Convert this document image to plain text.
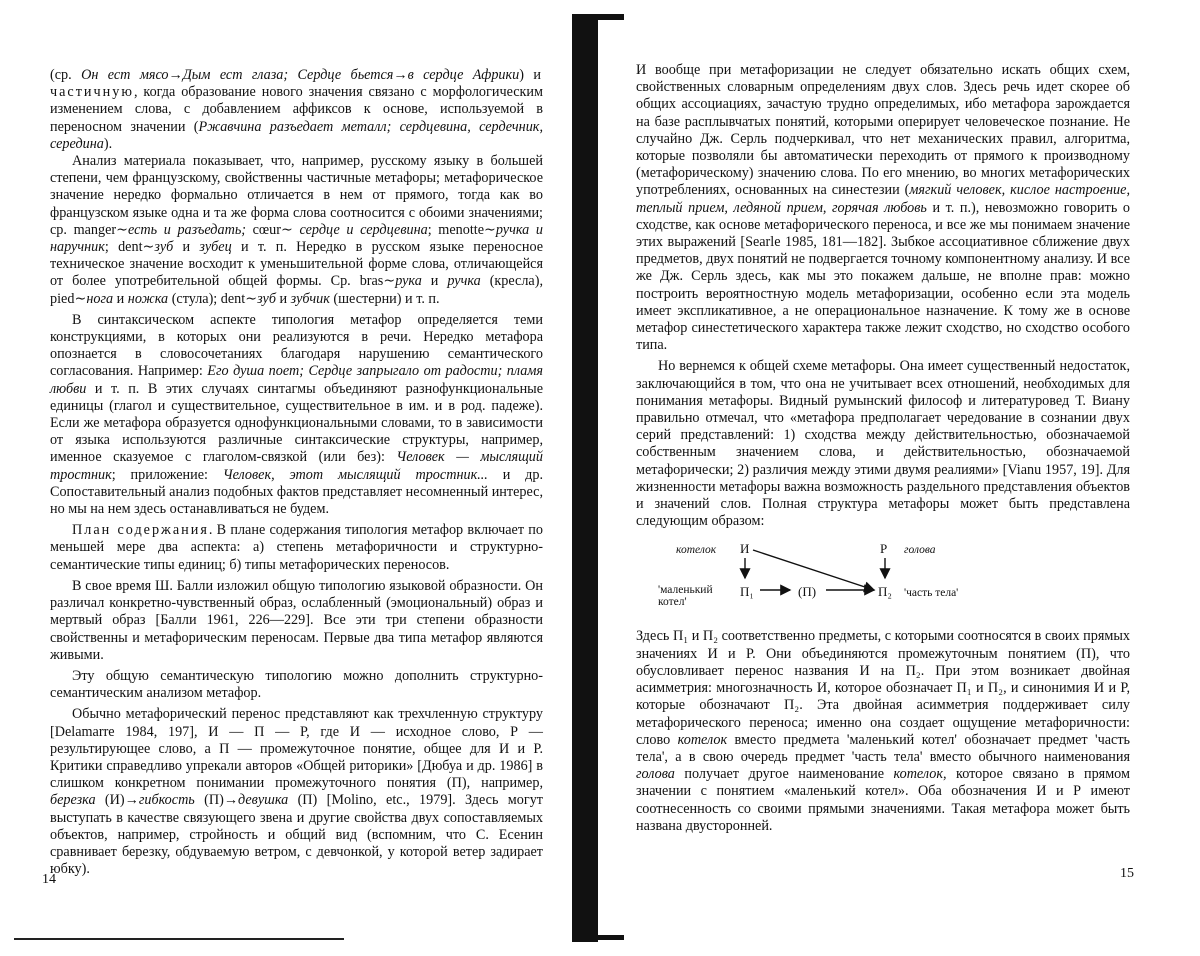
(ср. Он ест мясо→Дым ест глаза; Сердце бьется→в сердце Африки) и частичную, когда образование нового значения связано с морфологическим изменением слова, с добавлением аффиксов к основе, используемой в переносном значении (Ржавчина разъедает металл; сердцевина, сердечник, середина).

Анализ материала показывает, что, например, русскому языку в большей степени, чем французскому, свойственны частичные метафоры; метафорическое значение нередко формально отличается в нем от прямого, тогда как во французском языке одна и та же форма слова соотносится с обоими значениями; ср. manger∼есть и разъедать; cœur∼ сердце и сердцевина; menotte∼ручка и наручник; dent∼зуб и зубец и т. п. Нередко в русском языке переносное техническое значение восходит к уменьшительной форме слова, отличающейся от более употребительной общей формы. Ср. bras∼рука и ручка (кресла), pied∼нога и ножка (стула); dent∼зуб и зубчик (шестерни) и т. п.

В синтаксическом аспекте типология метафор определяется теми конструкциями, в которых они реализуются в речи. Нередко метафора опознается в словосочетаниях благодаря нарушению семантического согласования. Например: Его душа поет; Сердце запрыгало от радости; пламя любви и т. п. В этих случаях синтагмы объединяют разнофункциональные единицы (глагол и существительное, существительное в им. и в род. падеже). Если же метафора образуется однофункциональными словами, то в зависимости от языка используются различные синтаксические структуры, например, именное сказуемое с глаголом-связкой (или без): Человек — мыслящий тростник; приложение: Человек, этот мыслящий тростник... и др. Сопоставительный анализ подобных фактов представляет несомненный интерес, но мы на нем здесь останавливаться не будем.

План содержания. В плане содержания типология метафор включает по меньшей мере два аспекта: а) степень метафоричности и структурно-семантические типы единиц; б) типы метафорических переносов.

В свое время Ш. Балли изложил общую типологию языковой образности. Он различал конкретно-чувственный образ, ослабленный (эмоциональный) образ и мертвый образ [Балли 1961, 226—229]. Все эти три степени образности свойственны и метафорическим переносам. Первые два типа метафор являются живыми.

Эту общую семантическую типологию можно дополнить структурно-семантическим анализом метафор.

Обычно метафорический перенос представляют как трехчленную структуру [Delamarre 1984, 197], И — П — Р, где И — исходное слово, Р — результирующее слово, а П — промежуточное понятие, общее для И и Р. Критики справедливо упрекали авторов «Общей риторики» [Дюбуа и др. 1986] в слишком конкретном понимании промежуточного понятия (П), например, березка (И)→гибкость (П)→девушка (П) [Molino, etc., 1979]. Здесь могут выступать в качестве связующего звена и другие свойства двух сопоставляемых объектов, например, стройность и общий вид (вспомним, что С. Есенин сравнивает березку, обдуваемую ветром, с девчонкой, у которой ветер задирает юбку).

14

И вообще при метафоризации не следует обязательно искать общих схем, свойственных словарным определениям двух слов. Здесь речь идет скорее об общих ассоциациях, зачастую трудно определимых, ибо метафора зарождается на базе расплывчатых понятий, которыми оперирует человеческое познание. Не случайно Дж. Серль подчеркивал, что нет механических правил, алгоритма, которые позволяли бы автоматически переходить от прямого к производному (метафорическому) значению слова. По его мнению, во многих метафорических употреблениях, основанных на синестезии (мягкий человек, кислое настроение, теплый прием, ледяной прием, горячая любовь и т. п.), невозможно говорить о сходстве, как основе метафорического переноса, и все же мы понимаем значение этих выражений [Searle 1985, 181—182]. Зыбкое ассоциативное сближение двух предметов, двух понятий не подвергается точному компонентному анализу. И все же Дж. Серль здесь, как мы это покажем дальше, не вполне прав: можно построить вероятностную модель метафоризации, особенно если эта модель имеет экспликативное, а не операциональное назначение. К тому же в основе метафор синестетического характера также лежит сходство, но сходство особого типа.

Но вернемся к общей схеме метафоры. Она имеет существенный недостаток, заключающийся в том, что она не учитывает всех отношений, необходимых для понимания метафоры. Видный румынский философ и литературовед Т. Виану правильно отмечал, что «метафора предполагает чередование в сознании двух серий представлений: 1) сходства между действительностью, обозначаемой собственным значением слова, и действительностью, обозначаемой метафорически; 2) различия между этими двумя реалиями» [Vianu 1957, 19]. Для жизненности метафоры важна возможность раздельного представления объектов и значений слов. Полная структура метафоры может быть представлена следующим образом:

котелок И	Р голова
'маленький котел'
П₁	(П)	П₂ 'часть тела'

Здесь П₁ и П₂ соответственно предметы, с которыми соотносятся в своих прямых значениях И и Р. Они объединяются промежуточным понятием (П), что обусловливает перенос названия И на П₂. При этом возникает двойная асимметрия: многозначность И, которое обозначает П₁ и П₂, и синонимия И и Р, которые обозначают П₂. Эта двойная асимметрия поддерживает силу метафорического переноса; именно она создает ощущение метафоричности: слово котелок вместо предмета 'маленький котел' обозначает предмет 'часть тела', а в свою очередь предмет 'часть тела' вместо обычного наименования голова получает другое наименование котелок, которое связано в прямом значении с понятием «маленький котел». Оба обозначения И и Р имеют соотнесенность со своими прямыми значениями. Такая метафора может быть названа двусторонней.

15
